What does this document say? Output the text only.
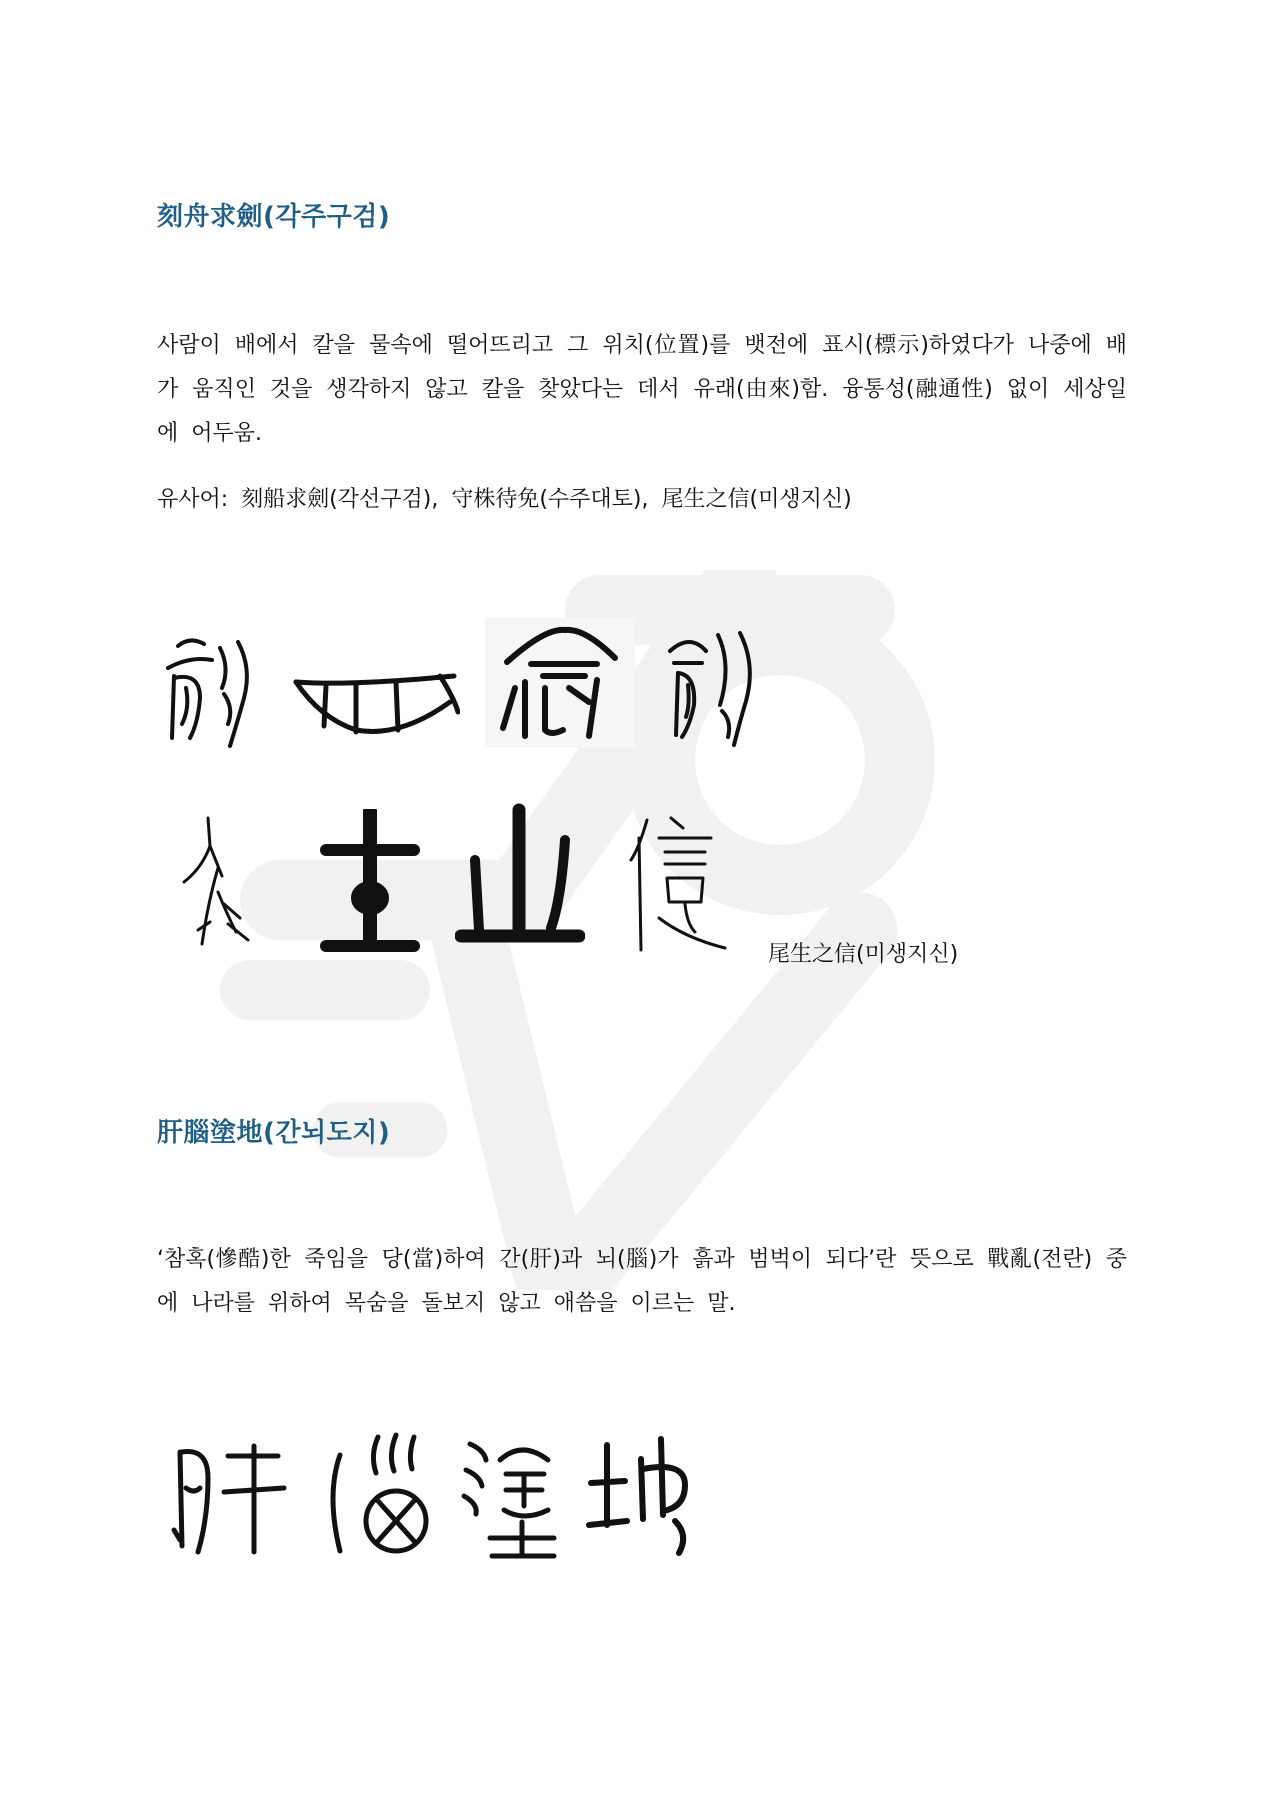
刻舟求劍(각주구검)

사람이 배에서 칼을 물속에 떨어뜨리고 그 위치(位置)를 뱃전에 표시(標示)하였다가 나중에 배가 움직인 것을 생각하지 않고 칼을 찾았다는 데서 유래(由來)함. 융통성(融通性) 없이 세상일에 어두움.

유사어: 刻船求劍(각선구검), 守株待免(수주대토), 尾生之信(미생지신)

尾生之信(미생지신)

肝腦塗地(간뇌도지)

‘참혹(慘酷)한 죽임을 당(當)하여 간(肝)과 뇌(腦)가 흙과 범벅이 되다’란 뜻으로 戰亂(전란) 중에 나라를 위하여 목숨을 돌보지 않고 애씀을 이르는 말.
